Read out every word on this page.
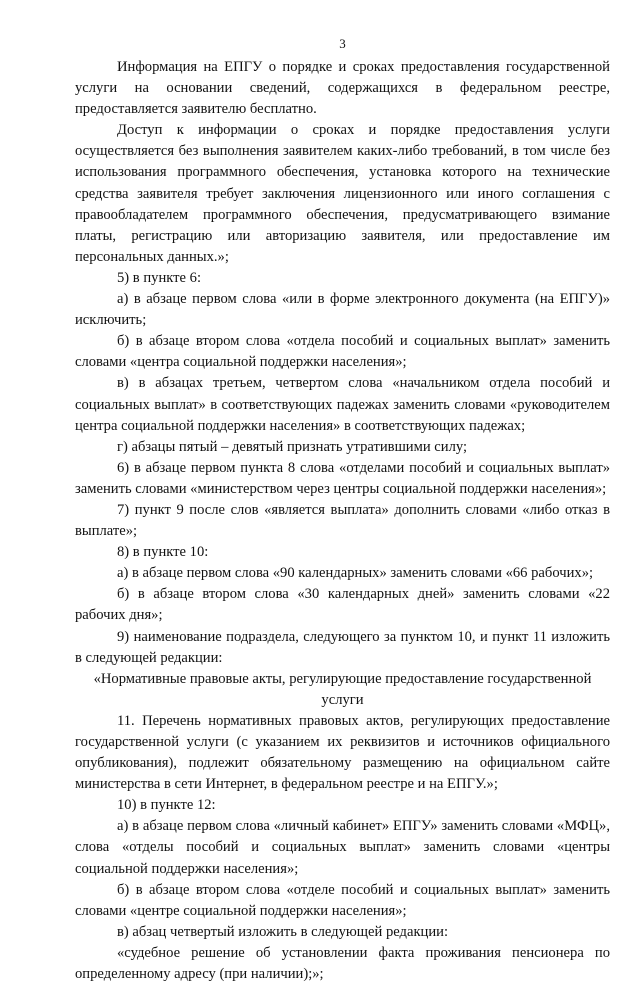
3

Информация на ЕПГУ о порядке и сроках предоставления государственной услуги на основании сведений, содержащихся в федеральном реестре, предоставляется заявителю бесплатно.

Доступ к информации о сроках и порядке предоставления услуги осуществляется без выполнения заявителем каких-либо требований, в том числе без использования программного обеспечения, установка которого на технические средства заявителя требует заключения лицензионного или иного соглашения с правообладателем программного обеспечения, предусматривающего взимание платы, регистрацию или авторизацию заявителя, или предоставление им персональных данных.»;

5) в пункте 6:

а) в абзаце первом слова «или в форме электронного документа (на ЕПГУ)» исключить;

б) в абзаце втором слова «отдела пособий и социальных выплат» заменить словами «центра социальной поддержки населения»;

в) в абзацах третьем, четвертом слова «начальником отдела пособий и социальных выплат» в соответствующих падежах заменить словами «руководителем центра социальной поддержки населения» в соответствующих падежах;

г) абзацы пятый – девятый признать утратившими силу;

6) в абзаце первом пункта 8 слова «отделами пособий и социальных выплат» заменить словами «министерством через центры социальной поддержки населения»;

7) пункт 9 после слов «является выплата» дополнить словами «либо отказ в выплате»;

8) в пункте 10:

а) в абзаце первом слова «90 календарных» заменить словами «66 рабочих»;

б) в абзаце втором слова «30 календарных дней» заменить словами «22 рабочих дня»;

9) наименование подраздела, следующего за пунктом 10, и пункт 11 изложить в следующей редакции:

«Нормативные правовые акты, регулирующие предоставление государственной услуги

11. Перечень нормативных правовых актов, регулирующих предоставление государственной услуги (с указанием их реквизитов и источников официального опубликования), подлежит обязательному размещению на официальном сайте министерства в сети Интернет, в федеральном реестре и на ЕПГУ.»;

10) в пункте 12:

а) в абзаце первом слова «личный кабинет» ЕПГУ» заменить словами «МФЦ», слова «отделы пособий и социальных выплат» заменить словами «центры социальной поддержки населения»;

б) в абзаце втором слова «отделе пособий и социальных выплат» заменить словами «центре социальной поддержки населения»;

в) абзац четвертый изложить в следующей редакции:

«судебное решение об установлении факта проживания пенсионера по определенному адресу (при наличии);»;
